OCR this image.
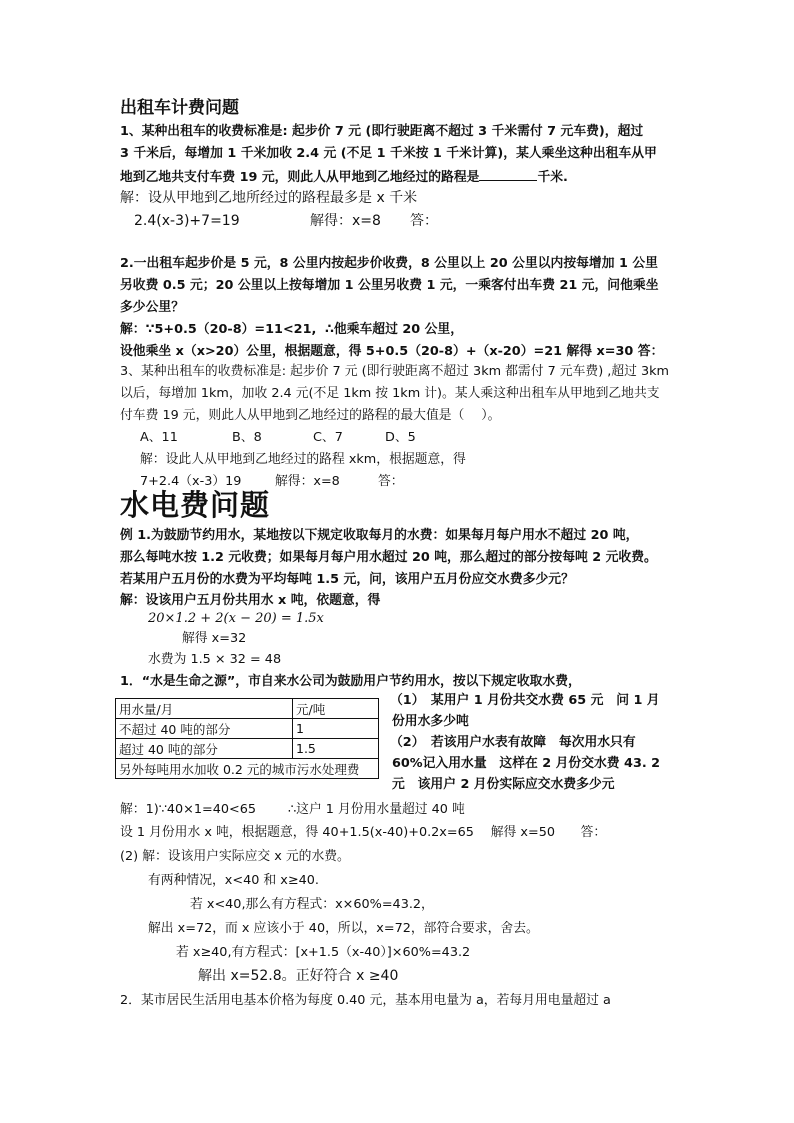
出租车计费问题
1、某种出租车的收费标准是: 起步价 7 元 (即行驶距离不超过 3 千米需付 7 元车费)，超过
3 千米后，每增加 1 千米加收 2.4 元 (不足 1 千米按 1 千米计算)，某人乘坐这种出租车从甲
地到乙地共支付车费 19 元，则此人从甲地到乙地经过的路程是	千米.
解：设从甲地到乙地所经过的路程最多是 x 千米
2.4(x-3)+7=19	解得：x=8 答：
2.一出租车起步价是 5 元，8 公里内按起步价收费，8 公里以上 20 公里以内按每增加 1 公里
另收费 0.5 元；20 公里以上按每增加 1 公里另收费 1 元，一乘客付出车费 21 元，问他乘坐
多少公里？
解：∵5+0.5（20-8）=11<21, ∴他乘车超过 20 公里，
设他乘坐 x（x>20）公里，根据题意，得 5+0.5（20-8）+（x-20）=21 解得 x=30 答：
3、某种出租车的收费标准是: 起步价 7 元 (即行驶距离不超过 3km 都需付 7 元车费) ,超过 3km
以后，每增加 1km，加收 2.4 元(不足 1km 按 1km 计)。某人乘这种出租车从甲地到乙地共支
付车费 19 元，则此人从甲地到乙地经过的路程的最大值是（　 ）。
A、11	B、8	C、7	D、5
解：设此人从甲地到乙地经过的路程 xkm，根据题意，得
7+2.4（x-3）19	解得：x=8	答：
水电费问题
例 1.为鼓励节约用水，某地按以下规定收取每月的水费：如果每月每户用水不超过 20 吨，
那么每吨水按 1.2 元收费；如果每月每户用水超过 20 吨，那么超过的部分按每吨 2 元收费。
若某用户五月份的水费为平均每吨 1.5 元，问，该用户五月份应交水费多少元？
解：设该用户五月份共用水 x 吨，依题意，得
20×1.2 + 2(x − 20) = 1.5x
解得 x=32
水费为 1.5 × 32 = 48
1．“水是生命之源”，市自来水公司为鼓励用户节约用水，按以下规定收取水费，
用水量/月	元/吨
不超过 40 吨的部分	1
超过 40 吨的部分	1.5
另外每吨用水加收 0.2 元的城市污水处理费	
（1）　某用户 1 月份共交水费 65 元　问 1 月
份用水多少吨
（2）　若该用户水表有故障　每次用水只有
60%记入用水量　这样在 2 月份交水费 43. 2
元　该用户 2 月份实际应交水费多少元
解：1)∵40×1=40<65 ∴这户 1 月份用水量超过 40 吨
设 1 月份用水 x 吨，根据题意，得 40+1.5(x-40)+0.2x=65　 解得 x=50　　答：
(2) 解：设该用户实际应交 x 元的水费。
有两种情况，x<40 和 x≥40.
若 x<40,那么有方程式：x×60%=43.2，
解出 x=72，而 x 应该小于 40，所以，x=72，部符合要求，舍去。
若 x≥40,有方程式：[x+1.5（x-40）]×60%=43.2
解出 x=52.8。正好符合 x ≥40
2．某市居民生活用电基本价格为每度 0.40 元，基本用电量为 a，若每月用电量超过 a
